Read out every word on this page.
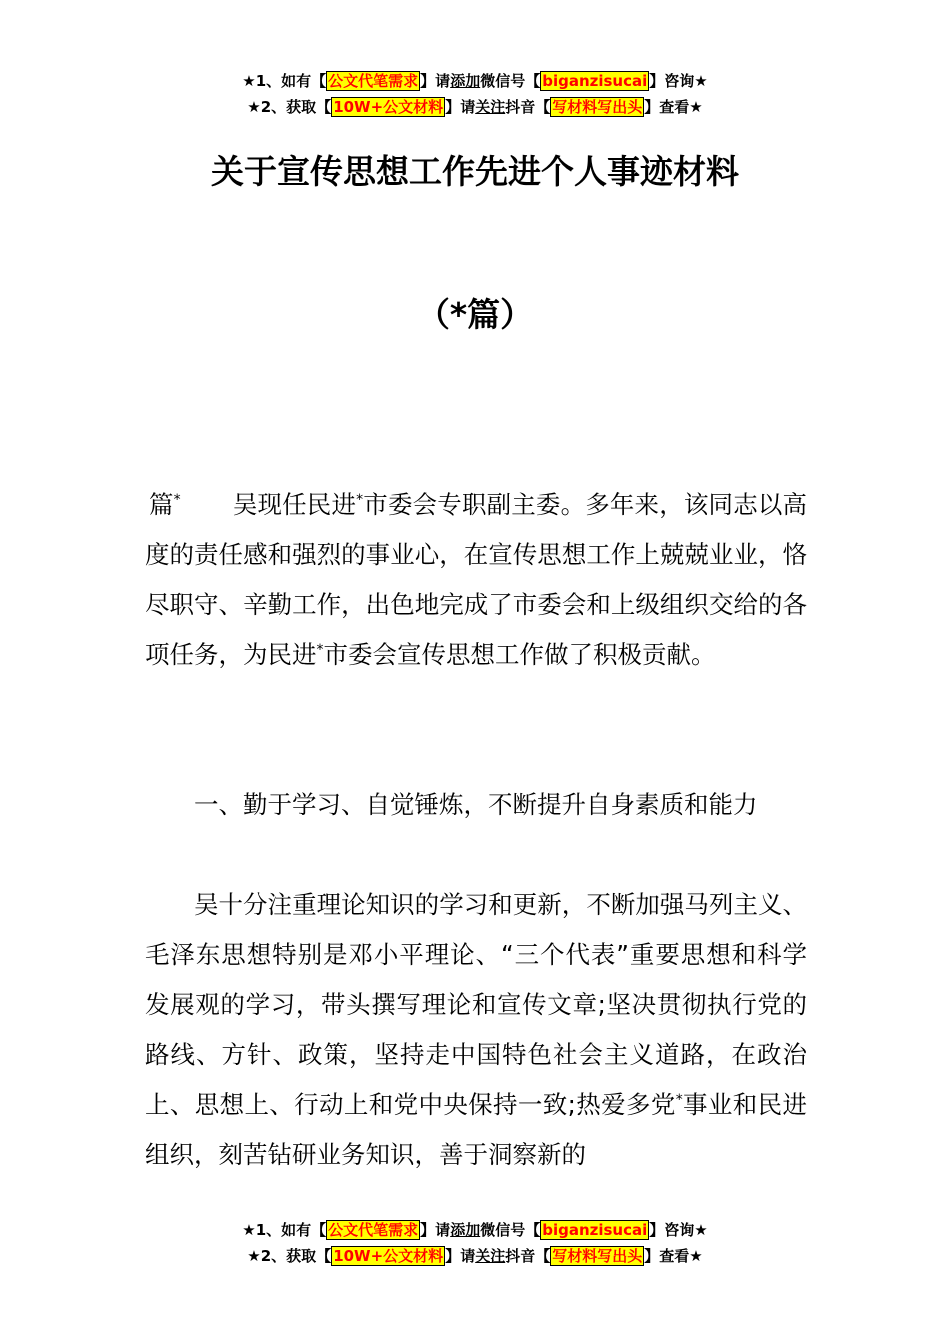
★1、如有【 公文代笔需求 】请添加微信号【 biganzisucai 】咨询★
★2、获取【 10W+公文材料 】请关注抖音【 写材料写出头 】查看★
关于宣传思想工作先进个人事迹材料
（*篇）

篇* 吴现任民进*市委会专职副主委。多年来，该同志以高度的责任感和强烈的事业心，在宣传思想工作上兢兢业业，恪尽职守、辛勤工作，出色地完成了市委会和上级组织交给的各项任务，为民进*市委会宣传思想工作做了积极贡献。

一、勤于学习、自觉锤炼，不断提升自身素质和能力

吴十分注重理论知识的学习和更新，不断加强马列主义、毛泽东思想特别是邓小平理论、“三个代表”重要思想和科学发展观的学习，带头撰写理论和宣传文章;坚决贯彻执行党的路线、方针、政策，坚持走中国特色社会主义道路，在政治上、思想上、行动上和党中央保持一致;热爱多党*事业和民进组织，刻苦钻研业务知识，善于洞察新的

★1、如有【 公文代笔需求 】请添加微信号【 biganzisucai 】咨询★
★2、获取【 10W+公文材料 】请关注抖音【 写材料写出头 】查看★
